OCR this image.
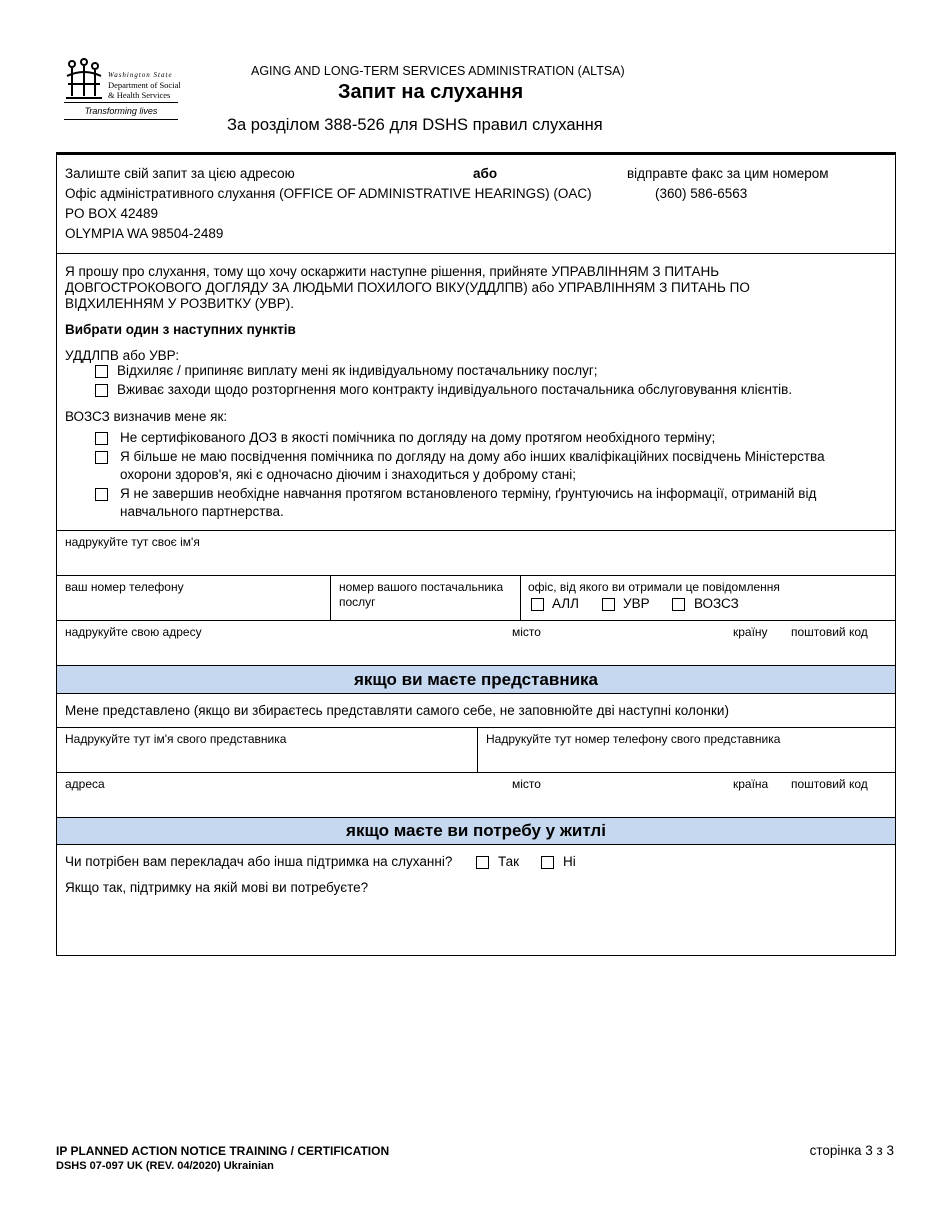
Washington State
Department of Social
& Health Services
Transforming lives
AGING AND LONG-TERM SERVICES ADMINISTRATION (ALTSA)
Запит на слухання
За розділом 388-526 для DSHS правил слухання
Залиште свій запит за цією адресою	або	відправте факс за цим номером
Офіс адміністративного слухання (OFFICE OF ADMINISTRATIVE HEARINGS) (OAC)	(360) 586-6563
PO BOX 42489
OLYMPIA WA 98504-2489
Я прошу про слухання, тому що хочу оскаржити наступне рішення, прийняте УПРАВЛІННЯМ З ПИТАНЬ
ДОВГОСТРОКОВОГО ДОГЛЯДУ ЗА ЛЮДЬМИ ПОХИЛОГО ВІКУ(УДДЛПВ) або УПРАВЛІННЯМ З ПИТАНЬ ПО
ВІДХИЛЕННЯМ У РОЗВИТКУ (УВР).
Вибрати один з наступних пунктів
УДДЛПВ або УВР:
Відхиляє / припиняє виплату мені як індивідуальному постачальнику послуг;
Вживає заходи щодо розторгнення мого контракту індивідуального постачальника обслуговування клієнтів.
ВОЗСЗ визначив мене як:
Не сертифікованого ДОЗ в якості помічника по догляду на дому протягом необхідного терміну;
Я більше не маю посвідчення помічника по догляду на дому або інших кваліфікаційних посвідчень Міністерства
охорони здоров'я, які є одночасно діючим і знаходиться у доброму стані;
Я не завершив необхідне навчання протягом встановленого терміну, ґрунтуючись на інформації, отриманій від
навчального партнерства.
надрукуйте тут своє ім'я
ваш номер телефону	номер вашого постачальника
послуг
офіс, від якого ви отримали це повідомлення
АЛЛ	УВР	ВОЗСЗ
надрукуйте свою адресу	місто	країну поштовий код
якщо ви маєте представника
Мене представлено (якщо ви збираєтесь представляти самого себе, не заповнюйте дві наступні колонки)
Надрукуйте тут ім'я свого представника	Надрукуйте тут номер телефону свого представника
адреса	місто	країна поштовий код
якщо маєте ви потребу у житлі
Чи потрібен вам перекладач або інша підтримка на слуханні?	Так	Ні
Якщо так, підтримку на якій мові ви потребуєте?
IP PLANNED ACTION NOTICE TRAINING / CERTIFICATION
DSHS 07-097 UK (REV. 04/2020) Ukrainian
сторінка 3 з 3
